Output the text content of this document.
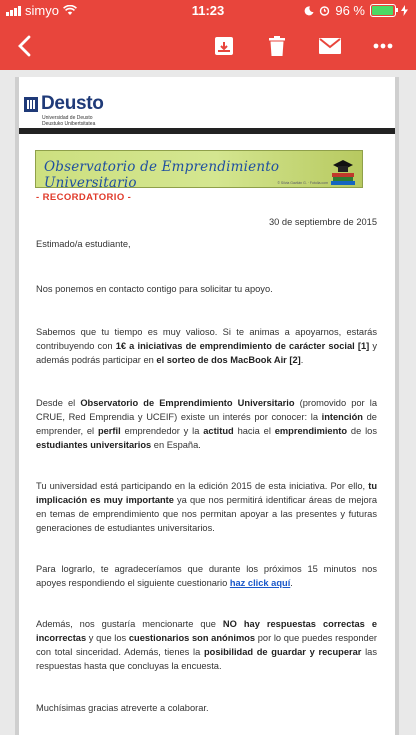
simyo	11:23	96 %
Deusto
Universidad de Deusto
Deustuko Unibertsitatea
Observatorio de Emprendimiento Universitario	© Silvia Gavilán G. · Fotolia.com
- RECORDATORIO -
30 de septiembre de 2015
Estimado/a estudiante,
Nos ponemos en contacto contigo para solicitar tu apoyo.
Sabemos que tu tiempo es muy valioso. Si te animas a apoyarnos, estarás contribuyendo con 1€ a iniciativas de emprendimiento de carácter social [1] y además podrás participar en el sorteo de dos MacBook Air [2].
Desde el Observatorio de Emprendimiento Universitario (promovido por la CRUE, Red Emprendia y UCEIF) existe un interés por conocer: la intención de emprender, el perfil emprendedor y la actitud hacia el emprendimiento de los estudiantes universitarios en España.
Tu universidad está participando en la edición 2015 de esta iniciativa. Por ello, tu implicación es muy importante ya que nos permitirá identificar áreas de mejora en temas de emprendimiento que nos permitan apoyar a las presentes y futuras generaciones de estudiantes universitarios.
Para lograrlo, te agradeceríamos que durante los próximos 15 minutos nos apoyes respondiendo el siguiente cuestionario haz click aquí.
Además, nos gustaría mencionarte que NO hay respuestas correctas e incorrectas y que los cuestionarios son anónimos por lo que puedes responder con total sinceridad. Además, tienes la posibilidad de guardar y recuperar las respuestas hasta que concluyas la encuesta.
Muchísimas gracias atreverte a colaborar.
